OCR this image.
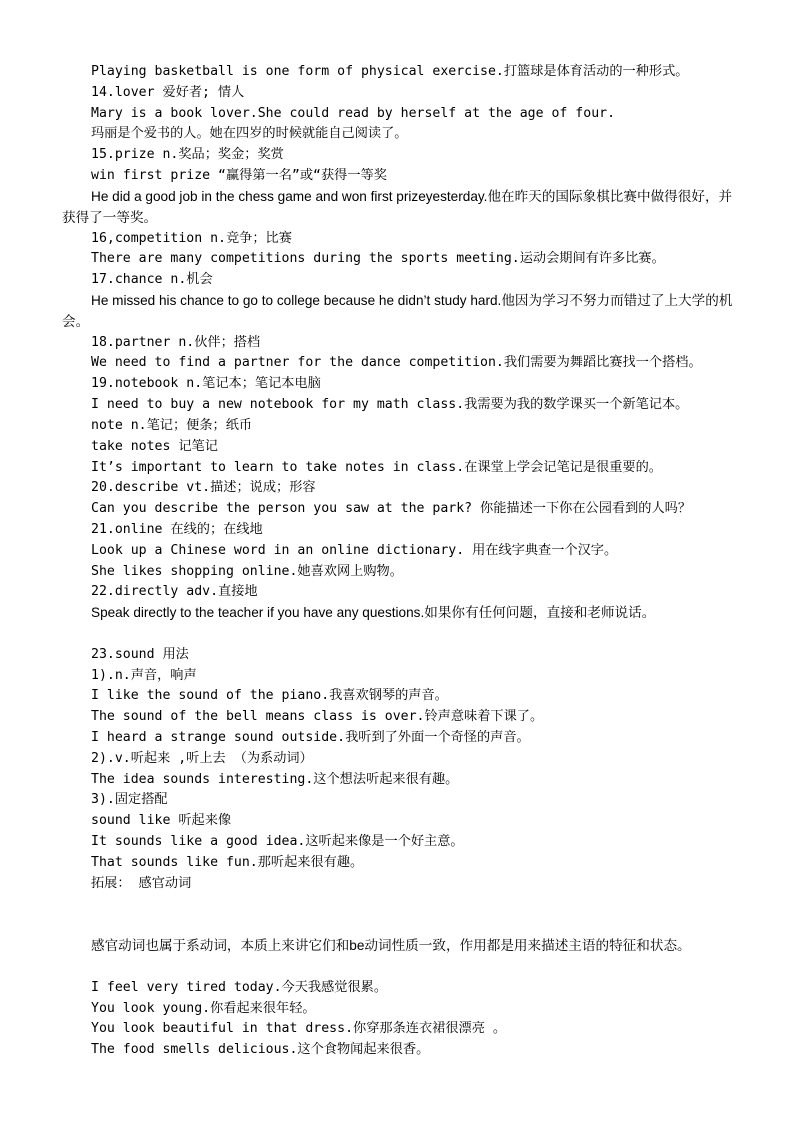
Playing basketball is one form of physical exercise.打篮球是体育活动的一种形式。
14.lover 爱好者; 情人
Mary is a book lover.She could read by herself at the age of four.
玛丽是个爱书的人。她在四岁的时候就能自己阅读了。
15.prize n.奖品；奖金；奖赏
win first prize “赢得第一名”或“获得一等奖
He did a good job in the chess game and won first prizeyesterday.他在昨天的国际象棋比赛中做得很好，并获得了一等奖。
16,competition n.竞争；比赛
There are many competitions during the sports meeting.运动会期间有许多比赛。
17.chance n.机会
He missed his chance to go to college because he didn’t study hard.他因为学习不努力而错过了上大学的机会。
18.partner n.伙伴；搭档
We need to find a partner for the dance competition.我们需要为舞蹈比赛找一个搭档。
19.notebook n.笔记本；笔记本电脑
I need to buy a new notebook for my math class.我需要为我的数学课买一个新笔记本。
note n.笔记；便条；纸币
take notes 记笔记
It’s important to learn to take notes in class.在课堂上学会记笔记是很重要的。
20.describe vt.描述；说成；形容
Can you describe the person you saw at the park? 你能描述一下你在公园看到的人吗？
21.online 在线的；在线地
Look up a Chinese word in an online dictionary. 用在线字典查一个汉字。
She likes shopping online.她喜欢网上购物。
22.directly adv.直接地
Speak directly to the teacher if you have any questions.如果你有任何问题，直接和老师说话。
23.sound 用法
1).n.声音，响声
I like the sound of the piano.我喜欢钢琴的声音。
The sound of the bell means class is over.铃声意味着下课了。
I heard a strange sound outside.我听到了外面一个奇怪的声音。
2).v.听起来 ,听上去 （为系动词）
The idea sounds interesting.这个想法听起来很有趣。
3).固定搭配
sound like 听起来像
It sounds like a good idea.这听起来像是一个好主意。
That sounds like fun.那听起来很有趣。
拓展： 感官动词
感官动词也属于系动词，本质上来讲它们和be动词性质一致，作用都是用来描述主语的特征和状态。
I feel very tired today.今天我感觉很累。
You look young.你看起来很年轻。
You look beautiful in that dress.你穿那条连衣裙很漂亮 。
The food smells delicious.这个食物闻起来很香。
